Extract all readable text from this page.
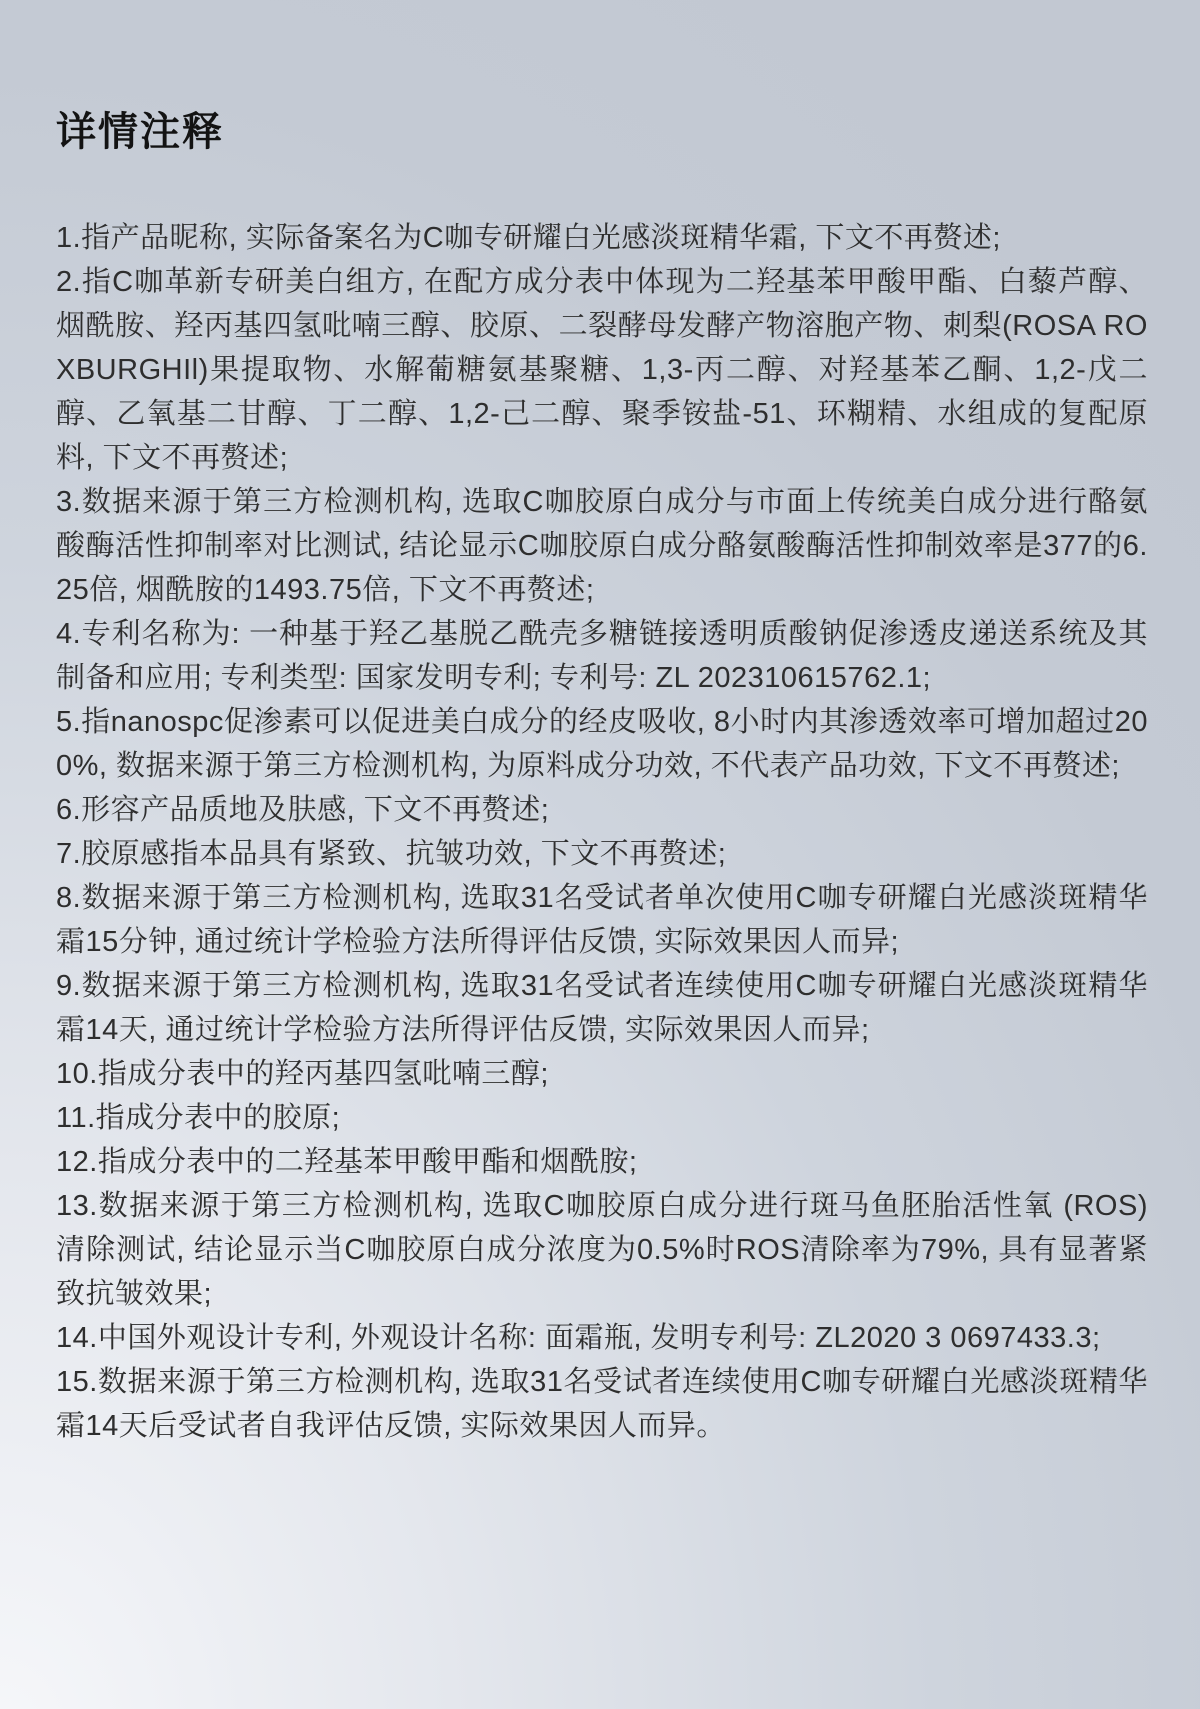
详情注释

1.指产品昵称, 实际备案名为C咖专研耀白光感淡斑精华霜, 下文不再赘述;

2.指C咖革新专研美白组方, 在配方成分表中体现为二羟基苯甲酸甲酯、白藜芦醇、烟酰胺、羟丙基四氢吡喃三醇、胶原、二裂酵母发酵产物溶胞产物、刺梨(ROSA ROXBURGHIl)果提取物、水解葡糖氨基聚糖、1,3-丙二醇、对羟基苯乙酮、1,2-戊二醇、乙氧基二甘醇、丁二醇、1,2-己二醇、聚季铵盐-51、环糊精、水组成的复配原料, 下文不再赘述;

3.数据来源于第三方检测机构, 选取C咖胶原白成分与市面上传统美白成分进行酪氨酸酶活性抑制率对比测试, 结论显示C咖胶原白成分酪氨酸酶活性抑制效率是377的6.25倍, 烟酰胺的1493.75倍, 下文不再赘述;

4.专利名称为: 一种基于羟乙基脱乙酰壳多糖链接透明质酸钠促渗透皮递送系统及其制备和应用; 专利类型: 国家发明专利; 专利号: ZL 202310615762.1;

5.指nanospc促渗素可以促进美白成分的经皮吸收, 8小时内其渗透效率可增加超过200%, 数据来源于第三方检测机构, 为原料成分功效, 不代表产品功效, 下文不再赘述;

6.形容产品质地及肤感, 下文不再赘述;

7.胶原感指本品具有紧致、抗皱功效, 下文不再赘述;

8.数据来源于第三方检测机构, 选取31名受试者单次使用C咖专研耀白光感淡斑精华霜15分钟, 通过统计学检验方法所得评估反馈, 实际效果因人而异;

9.数据来源于第三方检测机构, 选取31名受试者连续使用C咖专研耀白光感淡斑精华霜14天, 通过统计学检验方法所得评估反馈, 实际效果因人而异;

10.指成分表中的羟丙基四氢吡喃三醇;

11.指成分表中的胶原;

12.指成分表中的二羟基苯甲酸甲酯和烟酰胺;

13.数据来源于第三方检测机构, 选取C咖胶原白成分进行斑马鱼胚胎活性氧 (ROS) 清除测试, 结论显示当C咖胶原白成分浓度为0.5%时ROS清除率为79%, 具有显著紧致抗皱效果;

14.中国外观设计专利, 外观设计名称: 面霜瓶, 发明专利号: ZL2020 3 0697433.3;

15.数据来源于第三方检测机构, 选取31名受试者连续使用C咖专研耀白光感淡斑精华霜14天后受试者自我评估反馈, 实际效果因人而异。
